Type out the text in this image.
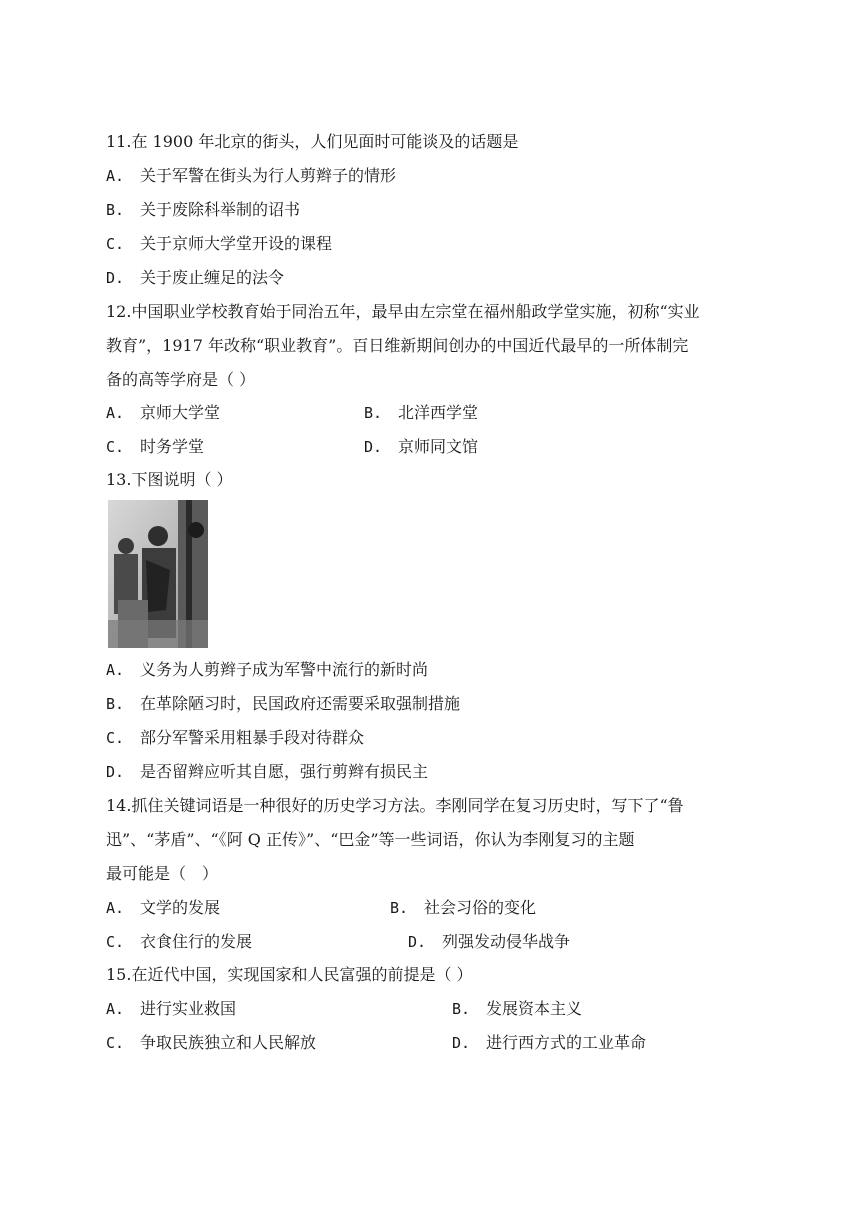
11.在 1900 年北京的街头，人们见面时可能谈及的话题是
A. 关于军警在街头为行人剪辫子的情形
B. 关于废除科举制的诏书
C. 关于京师大学堂开设的课程
D. 关于废止缠足的法令
12.中国职业学校教育始于同治五年，最早由左宗堂在福州船政学堂实施，初称“实业
教育”，1917 年改称“职业教育”。百日维新期间创办的中国近代最早的一所体制完
备的高等学府是（ ）
A. 京师大学堂	B. 北洋西学堂
C. 时务学堂	D. 京师同文馆
13.下图说明（ ）
A. 义务为人剪辫子成为军警中流行的新时尚
B. 在革除陋习时，民国政府还需要采取强制措施
C. 部分军警采用粗暴手段对待群众
D. 是否留辫应听其自愿，强行剪辫有损民主
14.抓住关键词语是一种很好的历史学习方法。李刚同学在复习历史时，写下了“鲁
迅”、“茅盾”、“《阿 Q 正传》”、“巴金”等一些词语，你认为李刚复习的主题
最可能是（　）
A. 文学的发展	B. 社会习俗的变化
C. 衣食住行的发展	D. 列强发动侵华战争
15.在近代中国，实现国家和人民富强的前提是（ ）
A. 进行实业救国	B. 发展资本主义
C. 争取民族独立和人民解放	D. 进行西方式的工业革命
